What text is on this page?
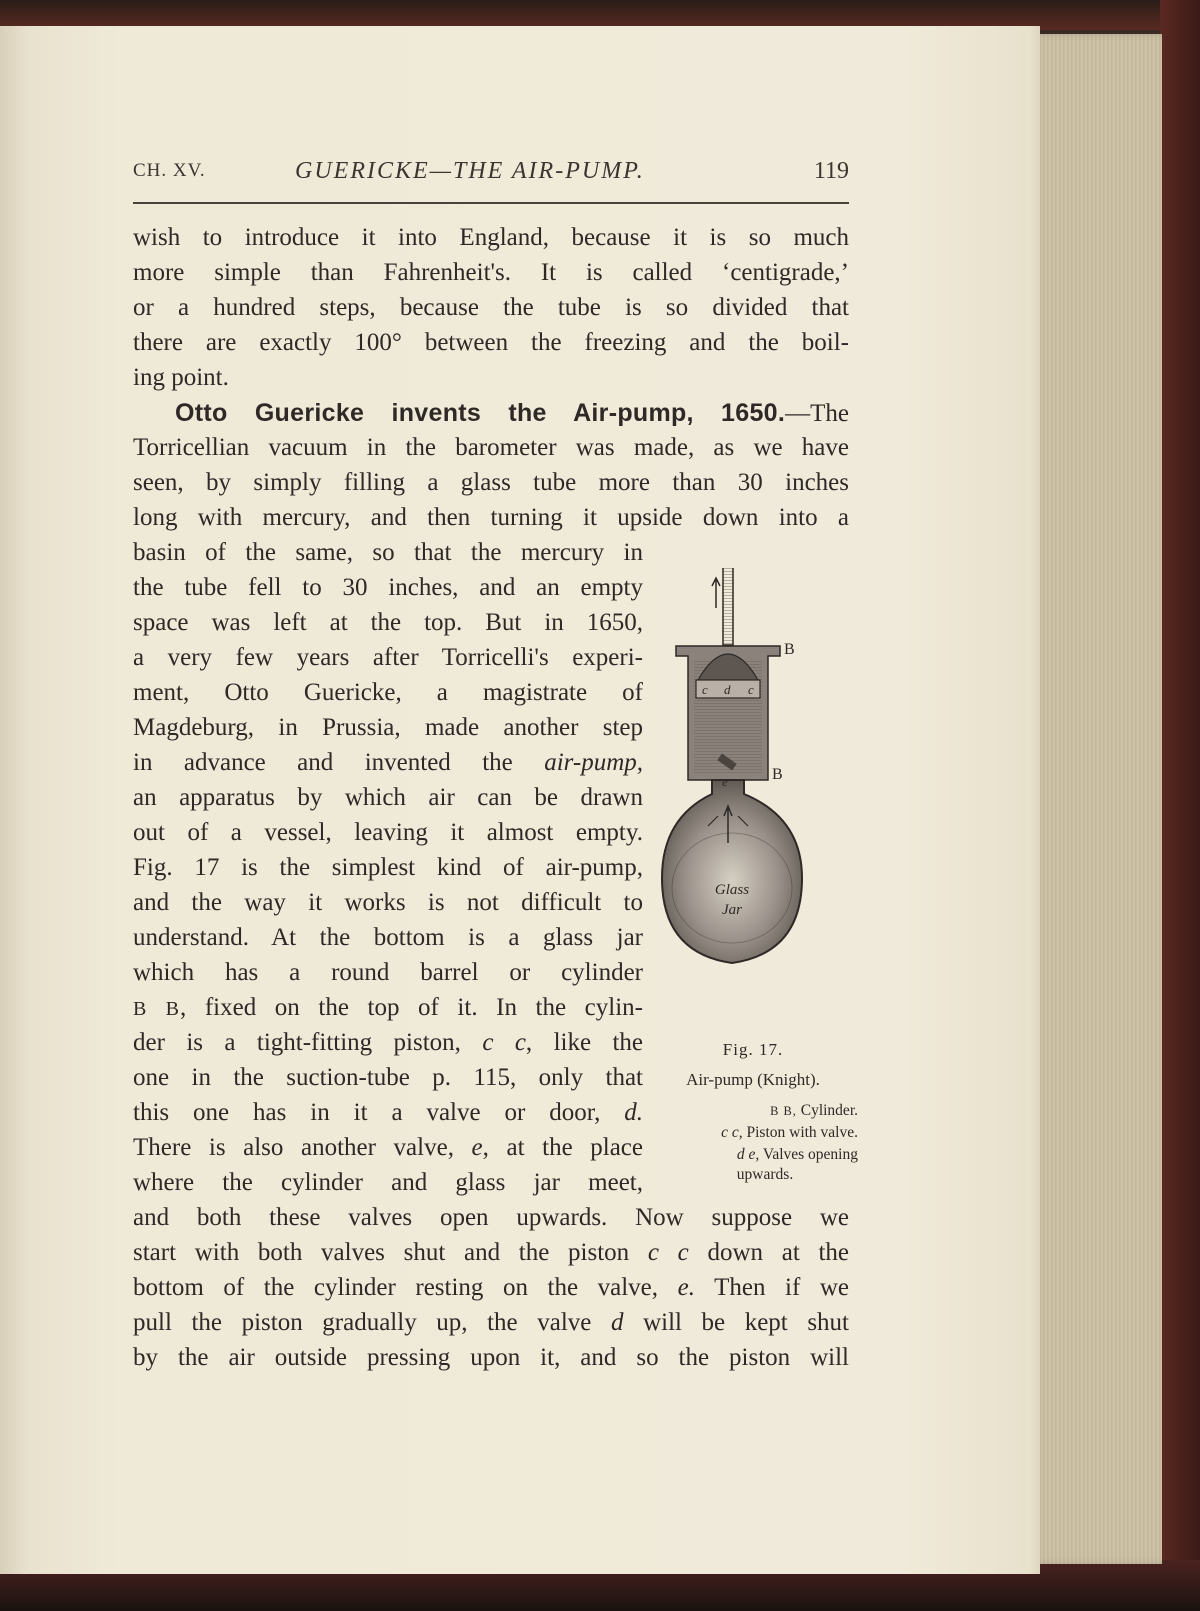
CH. XV.	GUERICKE—THE AIR-PUMP.	119

wish to introduce it into England, because it is so much

more simple than Fahrenheit's. It is called ‘centigrade,’

or a hundred steps, because the tube is so divided that

there are exactly 100° between the freezing and the boil-

ing point.

Otto Guericke invents the Air-pump, 1650.—The

Torricellian vacuum in the barometer was made, as we have

seen, by simply filling a glass tube more than 30 inches

long with mercury, and then turning it upside down into a

basin of the same, so that the mercury in

the tube fell to 30 inches, and an empty

space was left at the top. But in 1650,

a very few years after Torricelli's experi-

ment, Otto Guericke, a magistrate of

Magdeburg, in Prussia, made another step

in advance and invented the air-pump,

an apparatus by which air can be drawn

out of a vessel, leaving it almost empty.

Fig. 17 is the simplest kind of air-pump,

and the way it works is not difficult to

understand. At the bottom is a glass jar

which has a round barrel or cylinder

B B, fixed on the top of it. In the cylin-

der is a tight-fitting piston, c c, like the

one in the suction-tube p. 115, only that

this one has in it a valve or door, d.

There is also another valve, e, at the place

where the cylinder and glass jar meet,

and both these valves open upwards. Now suppose we

start with both valves shut and the piston c c down at the

bottom of the cylinder resting on the valve, e. Then if we

pull the piston gradually up, the valve d will be kept shut

by the air outside pressing upon it, and so the piston will

B
B
c d c
e
Glass
Jar
Fig. 17.
Air-pump (Knight).
B B, Cylinder.
c c, Piston with valve.
d e, Valves opening
upwards.
